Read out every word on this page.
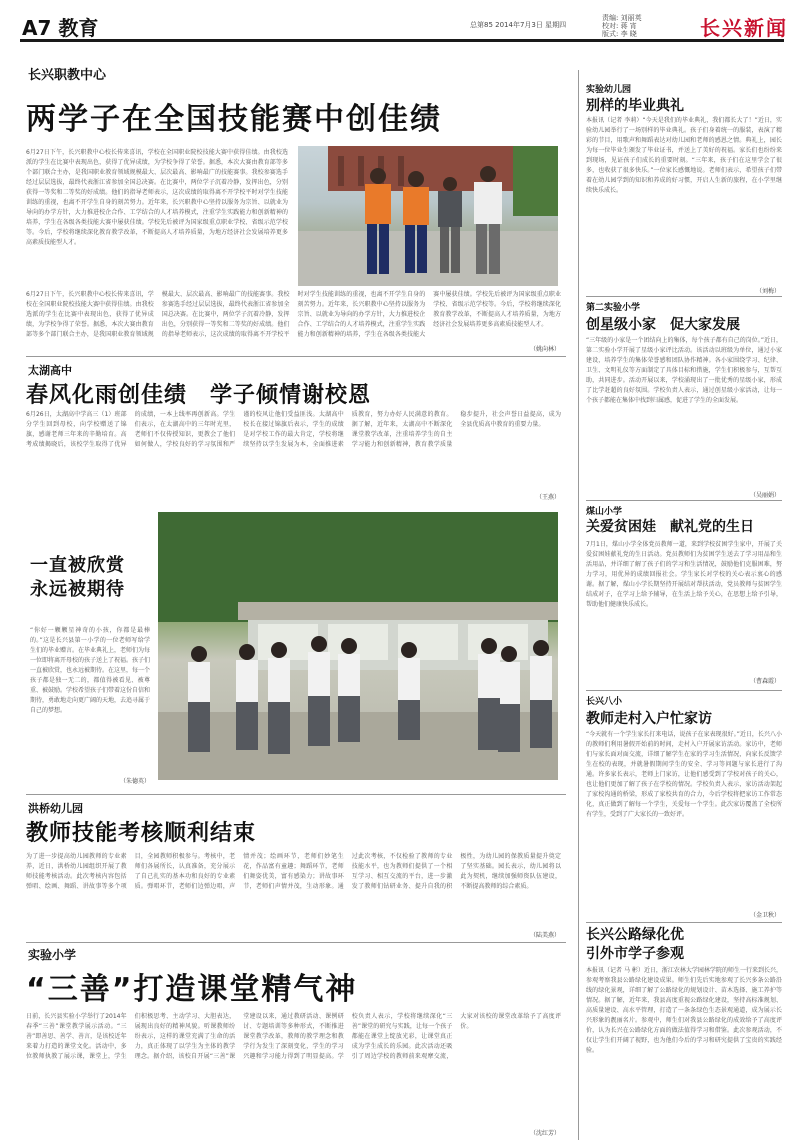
A7 教育	总第85 2014年7月3日 星期四
责编: 刘丽英
校对: 蒋 宵
版式: 李 晓	长兴新闻
长兴职教中心
两学子在全国技能赛中创佳绩
6月27日下午，长兴职教中心校长传来喜讯，学校在全国职业院校技能大赛中获得佳绩。由我校选派的学生在比赛中表现出色，获得了优异成绩，为学校争得了荣誉。据悉，本次大赛由教育部等多个部门联合主办，是我国职业教育领域规模最大、层次最高、影响最广的技能赛事。我校参赛选手经过层层选拔，最终代表浙江省参加全国总决赛。在比赛中，两位学子沉着冷静，发挥出色，分别获得一等奖和二等奖的好成绩。他们的指导老师表示，这次成绩的取得离不开学校平时对学生技能训练的重视，也离不开学生自身的刻苦努力。近年来，长兴职教中心坚持以服务为宗旨、以就业为导向的办学方针，大力推进校企合作、工学结合的人才培养模式，注重学生实践能力和创新精神的培养，学生在各级各类技能大赛中屡获佳绩。学校先后被评为国家级重点职业学校、省级示范学校等。今后，学校将继续深化教育教学改革，不断提高人才培养质量，为地方经济社会发展培养更多高素质技能型人才。
6月27日下午，长兴职教中心校长传来喜讯，学校在全国职业院校技能大赛中获得佳绩。由我校选派的学生在比赛中表现出色，获得了优异成绩，为学校争得了荣誉。据悉，本次大赛由教育部等多个部门联合主办，是我国职业教育领域规模最大、层次最高、影响最广的技能赛事。我校参赛选手经过层层选拔，最终代表浙江省参加全国总决赛。在比赛中，两位学子沉着冷静，发挥出色，分别获得一等奖和二等奖的好成绩。他们的指导老师表示，这次成绩的取得离不开学校平时对学生技能训练的重视，也离不开学生自身的刻苦努力。近年来，长兴职教中心坚持以服务为宗旨、以就业为导向的办学方针，大力推进校企合作、工学结合的人才培养模式，注重学生实践能力和创新精神的培养，学生在各级各类技能大赛中屡获佳绩。学校先后被评为国家级重点职业学校、省级示范学校等。今后，学校将继续深化教育教学改革，不断提高人才培养质量，为地方经济社会发展培养更多高素质技能型人才。
（姚向林）
太湖高中
春风化雨创佳绩　学子倾情谢校恩
6月26日，太湖高中学高三（1）班部分学生回到母校，向学校赠送了锦旗，感谢老师三年来的辛勤培育。高考成绩揭晓后，该校学生取得了优异的成绩，一本上线率再创新高。学生们表示，在太湖高中的三年时光里，老师们不仅传授知识，更教会了他们如何做人，学校良好的学习氛围和严谨的校风让他们受益匪浅。太湖高中校长在接过锦旗后表示，学生的成绩是对学校工作的最大肯定，学校将继续坚持以学生发展为本，全面推进素质教育，努力办好人民满意的教育。据了解，近年来，太湖高中不断深化课堂教学改革，注重培养学生的自主学习能力和创新精神，教育教学质量稳步提升，社会声誉日益提高，成为全县优质高中教育的重要力量。
（王燕）
一直被欣赏
永远被期待
“你好一颗颗星神奇的小孩，你都是最棒的。”这是长兴县第一小学的一位老师写给学生们的毕业赠言。在毕业典礼上，老师们为每一位即将离开母校的孩子送上了祝福。孩子们一直被欣赏，也永远被期待。在这里，每一个孩子都是独一无二的，都值得被看见、被尊重、被鼓励。学校希望孩子们带着这份自信和期待，勇敢地走向更广阔的天地，去追寻属于自己的梦想。
（朱德英）
洪桥幼儿园
教师技能考核顺利结束
为了进一步提高幼儿园教师的专业素养，近日，洪桥幼儿园组织开展了教师技能考核活动。此次考核内容包括弹唱、绘画、舞蹈、讲故事等多个项目，全园教师积极参与。考核中，老师们各展所长，认真准备，充分展示了自己扎实的基本功和良好的专业素质。弹唱环节，老师们边弹边唱，声情并茂；绘画环节，老师们妙笔生花，作品富有童趣；舞蹈环节，老师们舞姿优美，富有感染力；讲故事环节，老师们声情并茂，生动形象。通过此次考核，不仅检验了教师的专业技能水平，也为教师们提供了一个相互学习、相互交流的平台，进一步激发了教师们钻研业务、提升自我的积极性，为幼儿园的保教质量提升奠定了坚实基础。园长表示，幼儿园将以此为契机，继续加强师资队伍建设，不断提高教师的综合素质。
（陆美燕）
实验小学
“三善”打造课堂精气神
日前，长兴县实验小学举行了2014年春季“三善”课堂教学展示活动。“三善”即善思、善学、善言，是该校近年来着力打造的课堂文化。活动中，多位教师执教了展示课，课堂上，学生们积极思考、主动学习、大胆表达，展现出良好的精神风貌。听课教师纷纷表示，这样的课堂充满了生命的活力，真正体现了以学生为主体的教学理念。据介绍，该校自开展“三善”课堂建设以来，通过教研活动、课例研讨、专题培训等多种形式，不断推进课堂教学改革，教师的教学理念和教学行为发生了深刻变化，学生的学习兴趣和学习能力得到了明显提高。学校负责人表示，学校将继续深化“三善”课堂的研究与实践，让每一个孩子都能在课堂上绽放光彩，让课堂真正成为学生成长的乐园。此次活动还吸引了周边学校的教师前来观摩交流，大家对该校的课堂改革给予了高度评价。
（沈红芳）
实验幼儿园
别样的毕业典礼
本报讯（记者 李莉）“今天是我们的毕业典礼，我们都长大了！”近日，实验幼儿园举行了一场别样的毕业典礼。孩子们身着统一的服装，表演了精彩的节目，用歌声和舞蹈表达对幼儿园和老师的感恩之情。典礼上，园长为每一位毕业生颁发了毕业证书，并送上了美好的祝福。家长们也纷纷来到现场，见证孩子们成长的重要时刻。“三年来，孩子们在这里学会了很多，也收获了很多快乐。”一位家长感慨地说。老师们表示，希望孩子们带着在幼儿园学到的知识和养成的好习惯，开启人生新的旅程，在小学里继续快乐成长。
（刘梅）
第二实验小学
创星级小家　促大家发展
“三年级的小家是一个团结向上的集体，每个孩子都有自己的岗位。”近日，第二实验小学开展了星级小家评比活动。该活动以班级为单位，通过小家建设，培养学生的集体荣誉感和团队协作精神。各小家围绕学习、纪律、卫生、文明礼仪等方面制定了具体目标和措施，学生们积极参与，互帮互助，共同进步。活动开展以来，学校涌现出了一批优秀的星级小家，形成了比学赶超的良好氛围。学校负责人表示，通过创星级小家活动，让每一个孩子都能在集体中找到归属感，促进了学生的全面发展。
（吴丽娟）
煤山小学
关爱贫困娃　献礼党的生日
7月1日，煤山小学全体党员教师一道，来到学校贫困学生家中，开展了关爱贫困娃献礼党的生日活动。党员教师们为贫困学生送去了学习用品和生活用品，并详细了解了孩子们的学习和生活情况，鼓励他们克服困难，努力学习，用优异的成绩回报社会。学生家长对学校的关心表示衷心的感谢。据了解，煤山小学长期坚持开展结对帮扶活动，党员教师与贫困学生结成对子，在学习上给予辅导，在生活上给予关心，在思想上给予引导，帮助他们健康快乐成长。
（曹森霞）
长兴八小
教师走村入户忙家访
“今天就有一个学生家长打来电话，说孩子在家表现很好。”近日，长兴八小的教师们利用暑假开始前的时间，走村入户开展家访活动。家访中，老师们与家长面对面交流，详细了解学生在家的学习生活情况，向家长反馈学生在校的表现，并就暑假期间学生的安全、学习等问题与家长进行了沟通。许多家长表示，老师上门家访，让他们感受到了学校对孩子的关心，也让他们更加了解了孩子在学校的情况。学校负责人表示，家访活动架起了家校沟通的桥梁，形成了家校共育的合力，今后学校将把家访工作常态化，真正做到了解每一个学生，关爱每一个学生。此次家访覆盖了全校所有学生，受到了广大家长的一致好评。
（金卫秋）
长兴公路绿化优
引外市学子参观
本报讯（记者 马 彬）近日，浙江农林大学园林学院的师生一行来到长兴，参观考察我县公路绿化建设成果。师生们先后实地参观了长兴多条公路沿线的绿化景观，详细了解了公路绿化的规划设计、苗木选择、施工养护等情况。据了解，近年来，我县高度重视公路绿化建设，坚持高标准规划、高质量建设、高水平管理，打造了一条条绿色生态景观通道，成为展示长兴形象的靓丽名片。参观中，师生们对我县公路绿化的成效给予了高度评价，认为长兴在公路绿化方面的做法值得学习和借鉴。此次参观活动，不仅让学生们开阔了视野，也为他们今后的学习和研究提供了宝贵的实践经验。
